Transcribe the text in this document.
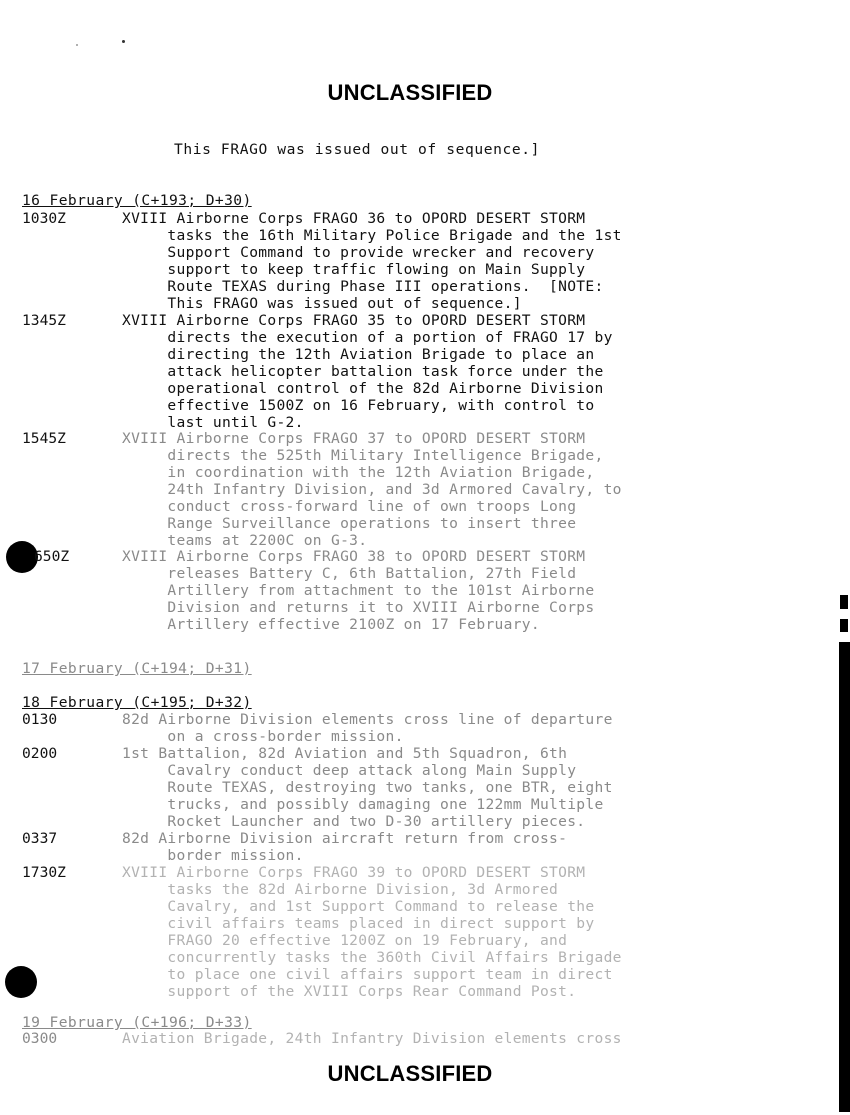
UNCLASSIFIED
This FRAGO was issued out of sequence.]
16 February (C+193; D+30)
1030Z	XVIII Airborne Corps FRAGO 36 to OPORD DESERT STORM
tasks the 16th Military Police Brigade and the 1st
Support Command to provide wrecker and recovery
support to keep traffic flowing on Main Supply
Route TEXAS during Phase III operations.  [NOTE:
This FRAGO was issued out of sequence.]
1345Z	XVIII Airborne Corps FRAGO 35 to OPORD DESERT STORM
directs the execution of a portion of FRAGO 17 by
directing the 12th Aviation Brigade to place an
attack helicopter battalion task force under the
operational control of the 82d Airborne Division
effective 1500Z on 16 February, with control to
last until G-2.
1545Z	XVIII Airborne Corps FRAGO 37 to OPORD DESERT STORM
directs the 525th Military Intelligence Brigade,
in coordination with the 12th Aviation Brigade,
24th Infantry Division, and 3d Armored Cavalry, to
conduct cross-forward line of own troops Long
Range Surveillance operations to insert three
teams at 2200C on G-3.
650Z	XVIII Airborne Corps FRAGO 38 to OPORD DESERT STORM
releases Battery C, 6th Battalion, 27th Field
Artillery from attachment to the 101st Airborne
Division and returns it to XVIII Airborne Corps
Artillery effective 2100Z on 17 February.
17 February (C+194; D+31)
18 February (C+195; D+32)
0130	82d Airborne Division elements cross line of departure
on a cross-border mission.
0200	1st Battalion, 82d Aviation and 5th Squadron, 6th
Cavalry conduct deep attack along Main Supply
Route TEXAS, destroying two tanks, one BTR, eight
trucks, and possibly damaging one 122mm Multiple
Rocket Launcher and two D-30 artillery pieces.
0337	82d Airborne Division aircraft return from cross-
border mission.
1730Z	XVIII Airborne Corps FRAGO 39 to OPORD DESERT STORM
tasks the 82d Airborne Division, 3d Armored
Cavalry, and 1st Support Command to release the
civil affairs teams placed in direct support by
FRAGO 20 effective 1200Z on 19 February, and
concurrently tasks the 360th Civil Affairs Brigade
to place one civil affairs support team in direct
support of the XVIII Corps Rear Command Post.
19 February (C+196; D+33)
0300	Aviation Brigade, 24th Infantry Division elements cross
UNCLASSIFIED
